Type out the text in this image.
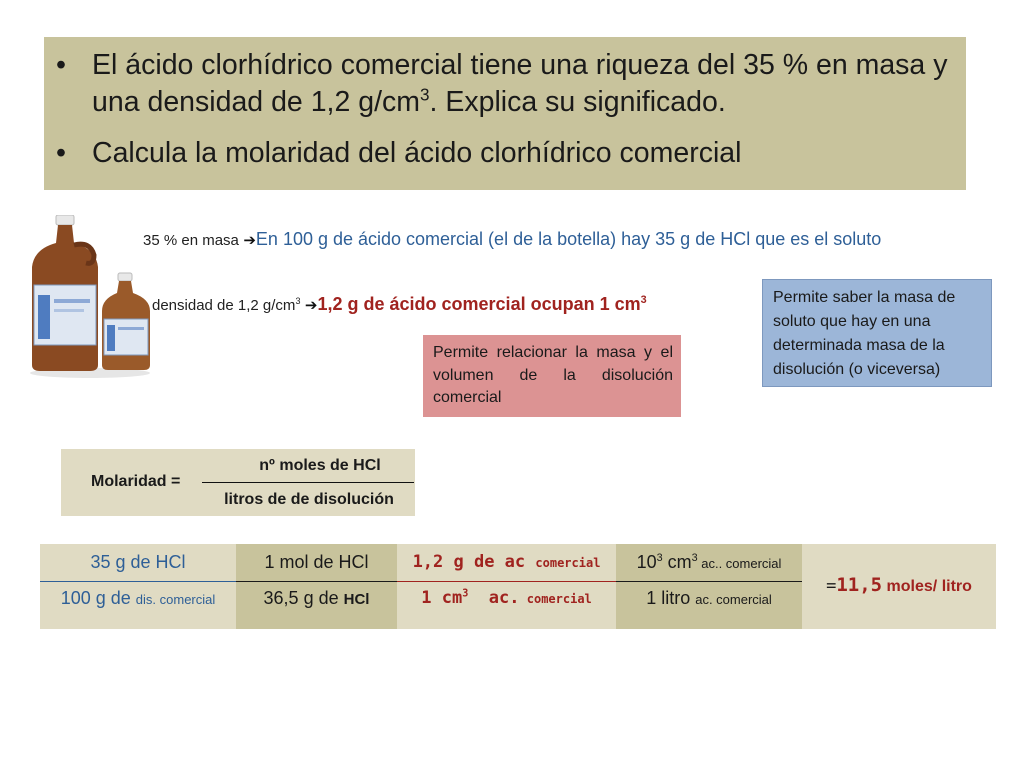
• El ácido clorhídrico comercial tiene una riqueza del 35 % en masa y una densidad de 1,2 $g/cm^3$. Explica su significado.
• Calcula la molaridad del ácido clorhídrico comercial
35 % en masa ➔En 100 g de ácido comercial (el de la botella) hay 35 g de HCl que es el soluto
densidad de 1,2 $g/cm^3$ ➔1,2 g de ácido comercial ocupan 1 $cm^3$	Permite saber la masa de soluto que hay en una determinada masa de la disolución (o viceversa)
Permite relacionar la masa y el volumen de la disolución comercial
Molaridad =
nº moles de HCl
litros de de disolución
35 g de HCl
100 g de dis. comercial
1 mol de HCl
36,5 g de HCl
1,2 g de ac comercial
1 $cm^3$  ac. comercial
$10^3$ $cm^3$ ac.. comercial
1 litro ac. comercial
=11,5 moles/ litro
